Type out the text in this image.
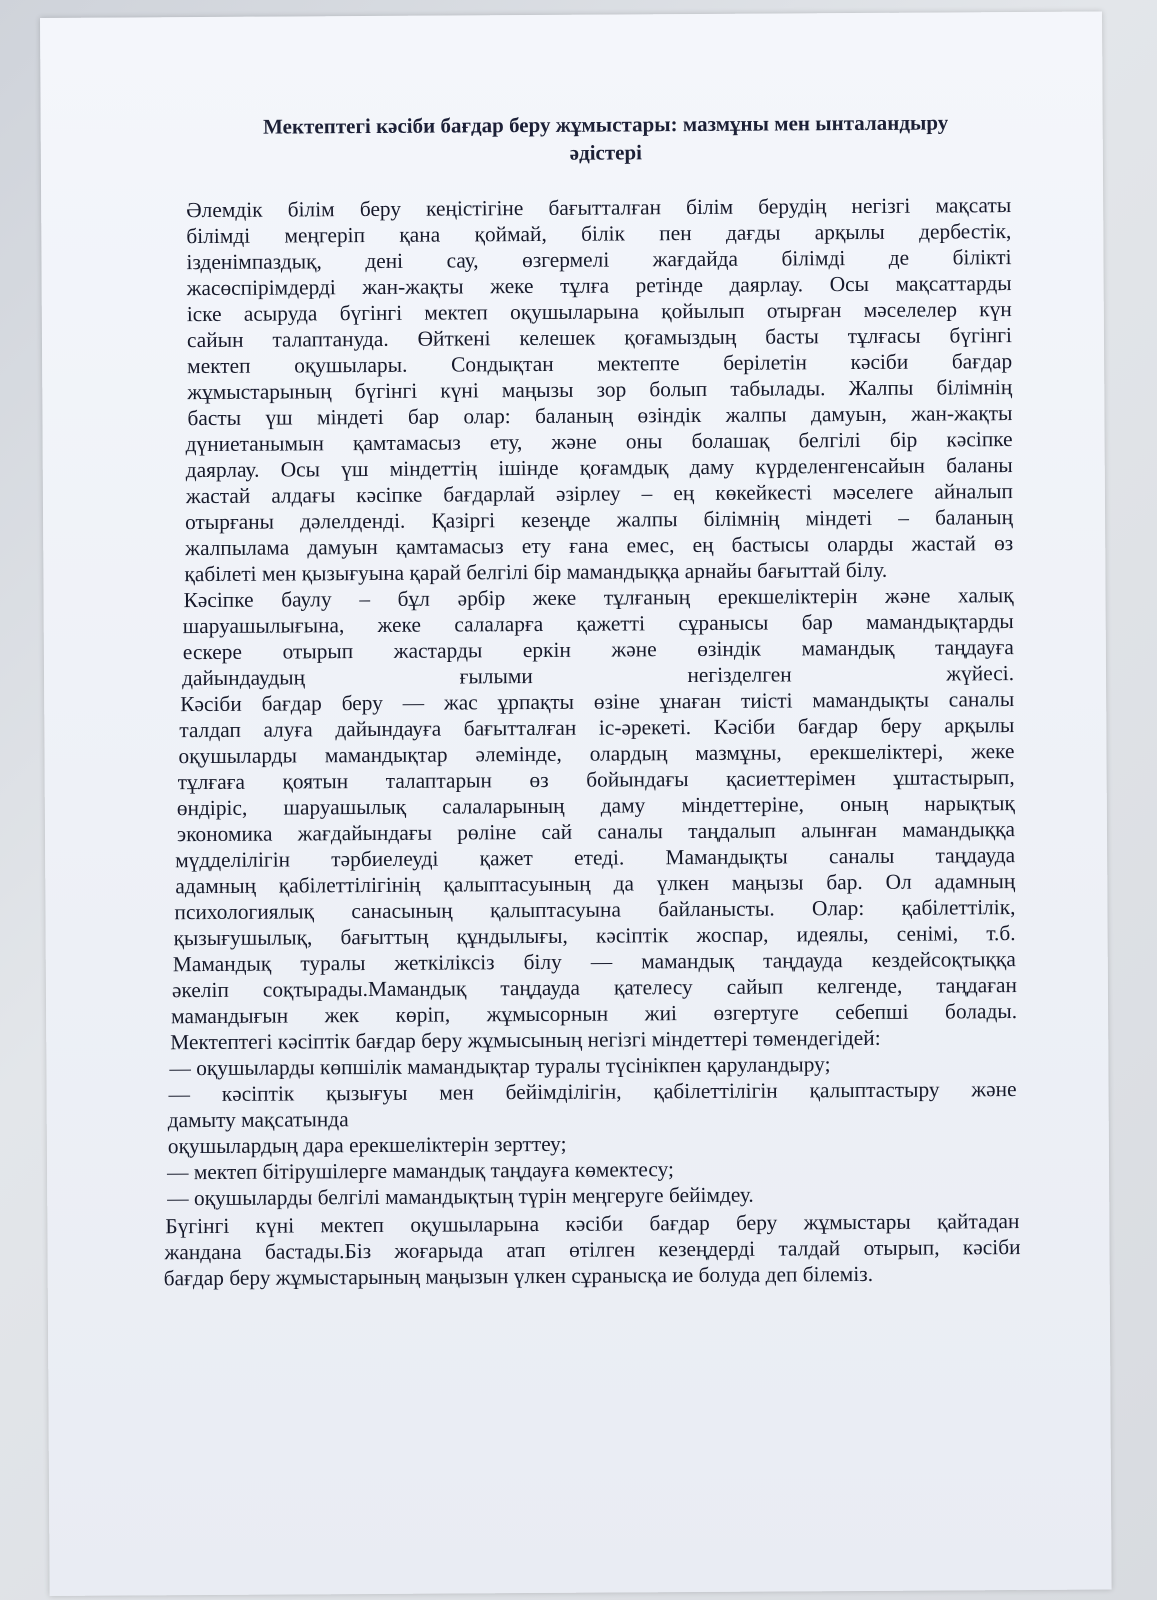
Мектептегі кәсіби бағдар беру жұмыстары: мазмұны мен ынталандыру
әдістері
Әлемдік білім беру кеңістігіне бағытталған білім берудің негізгі мақсаты
білімді меңгеріп қана қоймай, білік пен дағды арқылы дербестік,
ізденімпаздық, дені сау, өзгермелі жағдайда білімді де білікті
жасөспірімдерді жан-жақты жеке тұлға ретінде даярлау. Осы мақсаттарды
іске асыруда бүгінгі мектеп оқушыларына қойылып отырған мәселелер күн
сайын талаптануда. Өйткені келешек қоғамыздың басты тұлғасы бүгінгі
мектеп оқушылары. Сондықтан мектепте берілетін кәсіби бағдар
жұмыстарының бүгінгі күні маңызы зор болып табылады. Жалпы білімнің
басты үш міндеті бар олар: баланың өзіндік жалпы дамуын, жан-жақты
дүниетанымын қамтамасыз ету, және оны болашақ белгілі бір кәсіпке
даярлау. Осы үш міндеттің ішінде қоғамдық даму күрделенгенсайын баланы
жастай алдағы кәсіпке бағдарлай әзірлеу – ең көкейкесті мәселеге айналып
отырғаны дәлелденді. Қазіргі кезеңде жалпы білімнің міндеті – баланың
жалпылама дамуын қамтамасыз ету ғана емес, ең бастысы оларды жастай өз
қабілеті мен қызығуына қарай белгілі бір мамандыққа арнайы бағыттай білу.
Кәсіпке баулу – бұл әрбір жеке тұлғаның ерекшеліктерін және халық
шаруашылығына, жеке салаларға қажетті сұранысы бар мамандықтарды
ескере отырып жастарды еркін және өзіндік мамандық таңдауға
дайындаудың ғылыми негізделген жүйесі.
Кәсіби бағдар беру — жас ұрпақты өзіне ұнаған тиісті мамандықты саналы
талдап алуға дайындауға бағытталған іс-әрекеті. Кәсіби бағдар беру арқылы
оқушыларды мамандықтар әлемінде, олардың мазмұны, ерекшеліктері, жеке
тұлғаға қоятын талаптарын өз бойындағы қасиеттерімен ұштастырып,
өндіріс, шаруашылық салаларының даму міндеттеріне, оның нарықтық
экономика жағдайындағы рөліне сай саналы таңдалып алынған мамандыққа
мүдделілігін тәрбиелеуді қажет етеді. Мамандықты саналы таңдауда
адамның қабілеттілігінің қалыптасуының да үлкен маңызы бар. Ол адамның
психологиялық санасының қалыптасуына байланысты. Олар: қабілеттілік,
қызығушылық, бағыттың құндылығы, кәсіптік жоспар, идеялы, сенімі, т.б.
Мамандық туралы жеткіліксіз білу — мамандық таңдауда кездейсоқтыққа
әкеліп соқтырады.Мамандық таңдауда қателесу сайып келгенде, таңдаған
мамандығын жек көріп, жұмысорнын жиі өзгертуге себепші болады.
Мектептегі кәсіптік бағдар беру жұмысының негізгі міндеттері төмендегідей:
— оқушыларды көпшілік мамандықтар туралы түсінікпен қаруландыру;
— кәсіптік қызығуы мен бейімділігін, қабілеттілігін қалыптастыру және
дамыту мақсатында
оқушылардың дара ерекшеліктерін зерттеу;
— мектеп бітірушілерге мамандық таңдауға көмектесу;
— оқушыларды белгілі мамандықтың түрін меңгеруге бейімдеу.
Бүгінгі күні мектеп оқушыларына кәсіби бағдар беру жұмыстары қайтадан
жандана бастады.Біз жоғарыда атап өтілген кезеңдерді талдай отырып, кәсіби
бағдар беру жұмыстарының маңызын үлкен сұранысқа ие болуда деп білеміз.
